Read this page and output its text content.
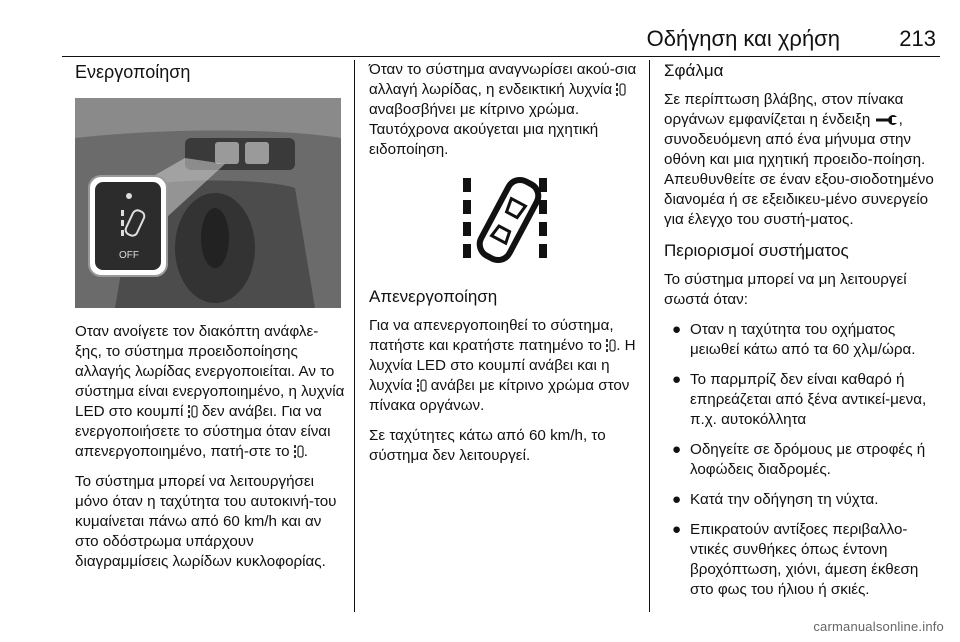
Οδήγηση και χρήση	213
Ενεργοποίηση
OFF

Οταν ανοίγετε τον διακόπτη ανάφλε-ξης, το σύστημα προειδοποίησης αλλαγής λωρίδας ενεργοποιείται. Αν το σύστημα είναι ενεργοποιημένο, η λυχνία LED στο κουμπί δεν ανάβει. Για να ενεργοποιήσετε το σύστημα όταν είναι απενεργοποιημένο, πατή-στε το .

Το σύστημα μπορεί να λειτουργήσει μόνο όταν η ταχύτητα του αυτοκινή-του κυμαίνεται πάνω από 60 km/h και αν στο οδόστρωμα υπάρχουν διαγραμμίσεις λωρίδων κυκλοφορίας.

Όταν το σύστημα αναγνωρίσει ακού-σια αλλαγή λωρίδας, η ενδεικτική λυχνία  αναβοσβήνει με κίτρινο χρώμα. Ταυτόχρονα ακούγεται μια ηχητική ειδοποίηση.

Απενεργοποίηση

Για να απενεργοποιηθεί το σύστημα, πατήστε και κρατήστε πατημένο το . Η λυχνία LED στο κουμπί ανάβει και η λυχνία ανάβει με κίτρινο χρώμα στον πίνακα οργάνων.

Σε ταχύτητες κάτω από 60 km/h, το σύστημα δεν λειτουργεί.

Σφάλμα

Σε περίπτωση βλάβης, στον πίνακα οργάνων εμφανίζεται η ένδειξη , συνοδευόμενη από ένα μήνυμα στην οθόνη και μια ηχητική προειδο-ποίηση. Απευθυνθείτε σε έναν εξου-σιοδοτημένο διανομέα ή σε εξειδικευ-μένο συνεργείο για έλεγχο του συστή-ματος.

Περιορισμοί συστήματος

Το σύστημα μπορεί να μη λειτουργεί σωστά όταν:

● Οταν η ταχύτητα του οχήματος μειωθεί κάτω από τα 60 χλμ/ώρα.
● Το παρμπρίζ δεν είναι καθαρό ή επηρεάζεται από ξένα αντικεί-μενα, π.χ. αυτοκόλλητα
● Οδηγείτε σε δρόμους με στροφές ή λοφώδεις διαδρομές.
● Κατά την οδήγηση τη νύχτα.
● Επικρατούν αντίξοες περιβαλλο-ντικές συνθήκες όπως έντονη βροχόπτωση, χιόνι, άμεση έκθεση στο φως του ήλιου ή σκιές.
carmanualsonline.info
